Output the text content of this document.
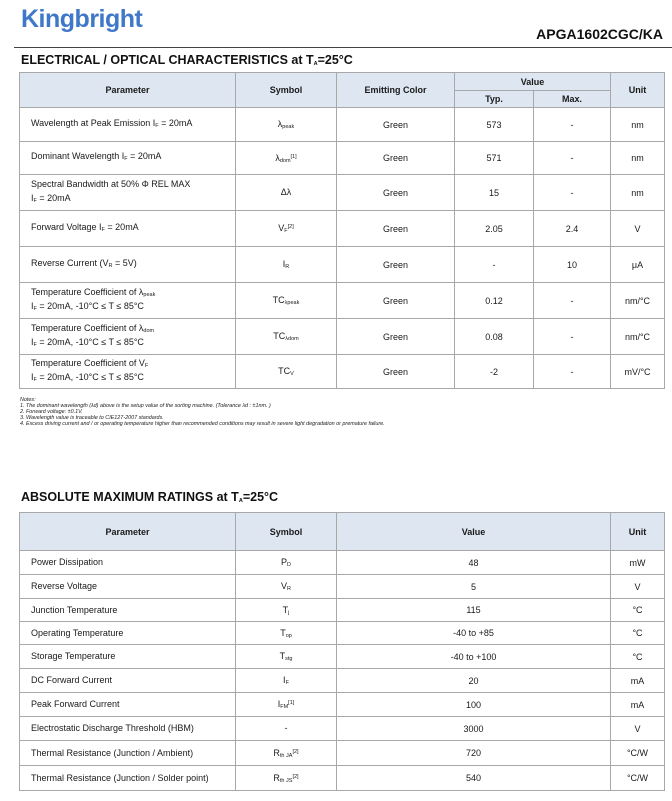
Kingbright
APGA1602CGC/KA
ELECTRICAL / OPTICAL CHARACTERISTICS at $T_A=25^\circ C$
Parameter	Symbol	Emitting Color	Value		Unit
			Typ.	Max.	
Wavelength at Peak Emission $I_F = 20mA$	$\lambda_{peak}$	Green	573	-	nm
Dominant Wavelength $I_F = 20mA$	$\lambda_{dom}[1]$	Green	571	-	nm
Spectral Bandwidth at 50% Φ REL MAX
$I_F = 20mA$	Δλ	Green	15	-	nm
Forward Voltage $I_F = 20mA$	$V_F[2]$	Green	2.05	2.4	V
Reverse Current $(V_R = 5V)$	$I_R$	Green	-	10	μA
Temperature Coefficient of $\lambda_{peak}$
$I_F = 20mA$, -10°C ≤ T ≤ 85°C	$TC_{\lambda peak}$	Green	0.12	-	nm/°C
Temperature Coefficient of $\lambda_{dom}$
$I_F = 20mA$, -10°C ≤ T ≤ 85°C	$TC_{\lambda dom}$	Green	0.08	-	nm/°C
Temperature Coefficient of $V_F$
$I_F = 20mA$, -10°C ≤ T ≤ 85°C	$TC_V$	Green	-2	-	mV/°C
Notes:
1. The dominant wavelength (λd) above is the setup value of the sorting machine. (Tolerance λd : ±1nm. )
2. Forward voltage: ±0.1V.
3. Wavelength value is traceable to CIE127-2007 standards.
4. Excess driving current and / or operating temperature higher than recommended conditions may result in severe light degradation or premature failure.
ABSOLUTE MAXIMUM RATINGS at $T_A=25^\circ C$
Parameter	Symbol	Value	Unit
Power Dissipation	$P_D$	48	mW
Reverse Voltage	$V_R$	5	V
Junction Temperature	$T_j$	115	°C
Operating Temperature	$T_{op}$	-40 to +85	°C
Storage Temperature	$T_{stg}$	-40 to +100	°C
DC Forward Current	$I_F$	20	mA
Peak Forward Current	$I_{FM}[1]$	100	mA
Electrostatic Discharge Threshold (HBM)	-	3000	V
Thermal Resistance (Junction / Ambient)	$R_{th JA}[2]$	720	°C/W
Thermal Resistance (Junction / Solder point)	$R_{th JS}[2]$	540	°C/W
